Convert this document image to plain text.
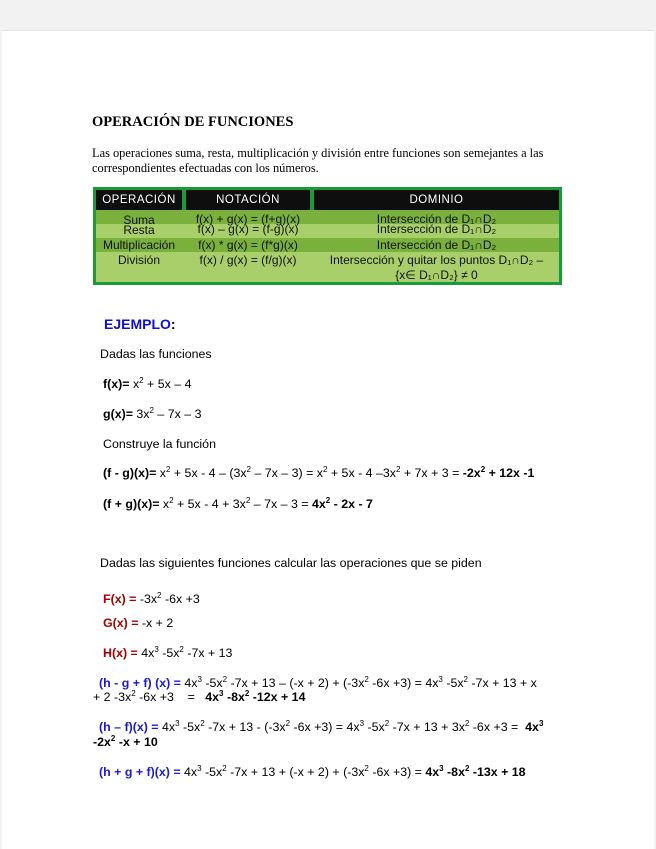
OPERACIÓN DE FUNCIONES
Las operaciones suma, resta, multiplicación y división entre funciones son semejantes a las
correspondientes efectuadas con los números.
OPERACIÓN	NOTACIÓN	DOMINIO
Suma	f(x) + g(x) = (f+g)(x)	Intersección de D₁∩D₂
Resta	f(x) – g(x) = (f-g)(x)	Intersección de D₁∩D₂
Multiplicación	f(x) * g(x) = (f*g)(x)	Intersección de D₁∩D₂
División	f(x) / g(x) = (f/g)(x)	Intersección y quitar los puntos D₁∩D₂ –
{x∈ D₁∩D₂} ≠ 0
EJEMPLO:
Dadas las funciones
$f(x)= x^2 + 5x - 4$
$g(x)= 3x^2 - 7x - 3$
Construye la función
$(f - g)(x)= x^2 + 5x - 4 - (3x^2 - 7x - 3) = x^2 + 5x - 4$ $-3x^2 + 7x + 3 = -2x^2 + 12x$ -1
$(f + g)(x)= x^2 + 5x - 4 + 3x^2 - 7x - 3 = 4x^2 - 2x - 7$
Dadas las siguientes funciones calcular las operaciones que se piden
$F(x) = -3x^2$ -6x +3
G(x) = -x + 2
$H(x) = 4x^3$ $-5x^2$ -7x + 13
(h - g + f) $(x) = 4x^3$ $-5x^2$ $-7x + 13 - (-x + 2) + (-3x^2$ $-6x +3) = 4x^3$ $-5x^2$ -7x + 13 + x
+ 2 $-3x^2$ -6x +3    =   $4x^3$ $-8x^2$ -12x + 14
$(h - f)(x) = 4x^3$ $-5x^2$ $-7x + 13 - (-3x^2$ $-6x +3) = 4x^3$ $-5x^2$ $-7x + 13 + 3x^2$ $-6x +3 = 4x^3$
$-2x^2$ -x + 10
$(h + g + f)(x) = 4x^3$ $-5x^2$ $-7x + 13 + (-x + 2) + (-3x^2$ $-6x +3) = 4x^3$ $-8x^2$ -13x + 18
